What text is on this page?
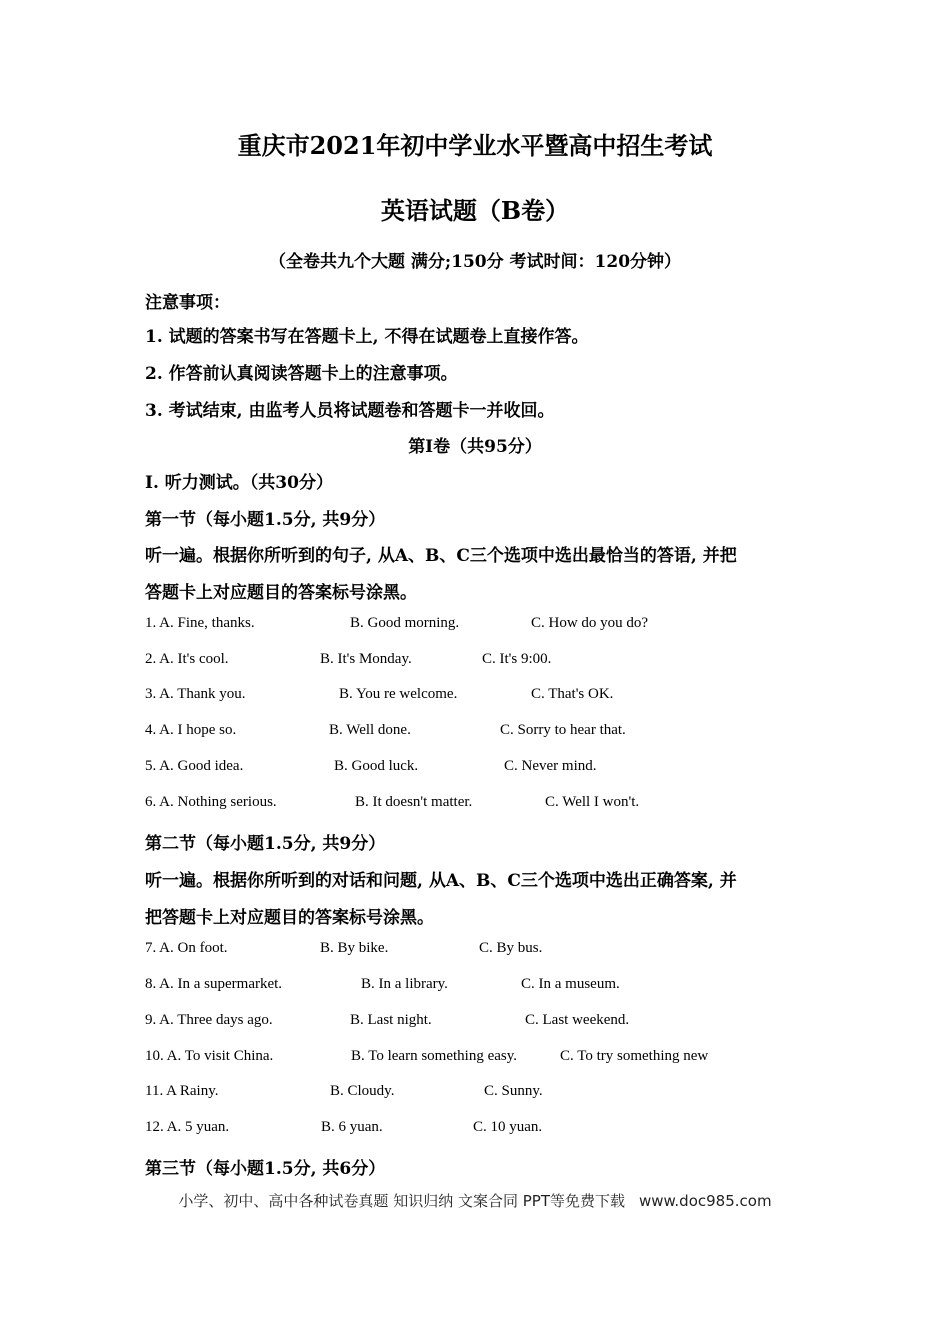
重庆市2021年初中学业水平暨高中招生考试
英语试题（B卷）
（全卷共九个大题 满分;150分 考试时间：120分钟）
注意事项：
1. 试题的答案书写在答题卡上, 不得在试题卷上直接作答。
2. 作答前认真阅读答题卡上的注意事项。
3. 考试结束, 由监考人员将试题卷和答题卡一并收回。
第I卷（共95分）
I. 听力测试。（共30分）
第一节（每小题1.5分, 共9分）
听一遍。根据你所听到的句子, 从A、B、C三个选项中选出最恰当的答语, 并把
答题卡上对应题目的答案标号涂黑。
1. A. Fine, thanks.	B. Good morning.	C. How do you do?
2. A. It's cool.	B. It's Monday.	C. It's 9:00.
3. A. Thank you.	B. You re welcome.	C. That's OK.
4. A. I hope so.	B. Well done.	C. Sorry to hear that.
5. A. Good idea.	B. Good luck.	C. Never mind.
6. A. Nothing serious.	B. It doesn't matter.	C. Well I won't.
第二节（每小题1.5分, 共9分）
听一遍。根据你所听到的对话和问题, 从A、B、C三个选项中选出正确答案, 并
把答题卡上对应题目的答案标号涂黑。
7. A. On foot.	B. By bike.	C. By bus.
8. A. In a supermarket.	B. In a library.	C. In a museum.
9. A. Three days ago.	B. Last night.	C. Last weekend.
10. A. To visit China.	B. To learn something easy.	C. To try something new
11. A Rainy.	B. Cloudy.	C. Sunny.
12. A. 5 yuan.	B. 6 yuan.	C. 10 yuan.
第三节（每小题1.5分, 共6分）
小学、初中、高中各种试卷真题 知识归纳 文案合同 PPT等免费下载 www.doc985.com
